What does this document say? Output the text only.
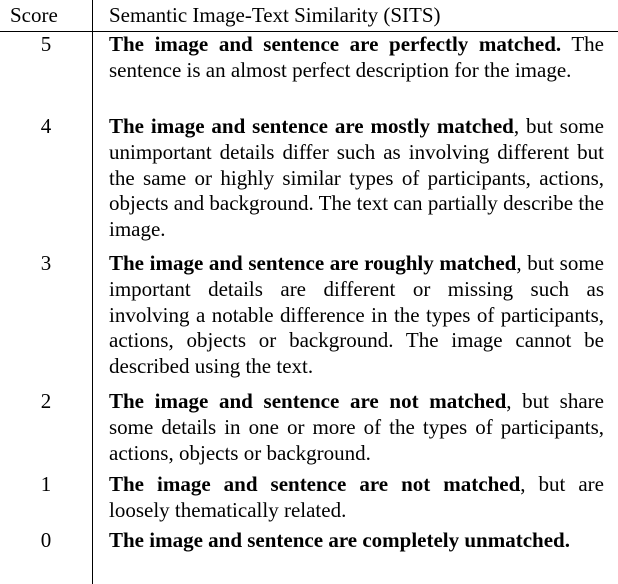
Score Semantic Image-Text Similarity (SITS)
5	The image and sentence are perfectly matched. The sentence is an almost perfect description for the image.
4	The image and sentence are mostly matched, but some unimportant details differ such as involving different but the same or highly similar types of participants, actions, objects and background. The text can partially describe the image.
3	The image and sentence are roughly matched, but some important details are different or missing such as involving a notable difference in the types of participants, actions, objects or background. The image cannot be described using the text.
2	The image and sentence are not matched, but share some details in one or more of the types of participants, actions, objects or background.
1	The image and sentence are not matched, but are loosely thematically related.
0	The image and sentence are completely unmatched.
